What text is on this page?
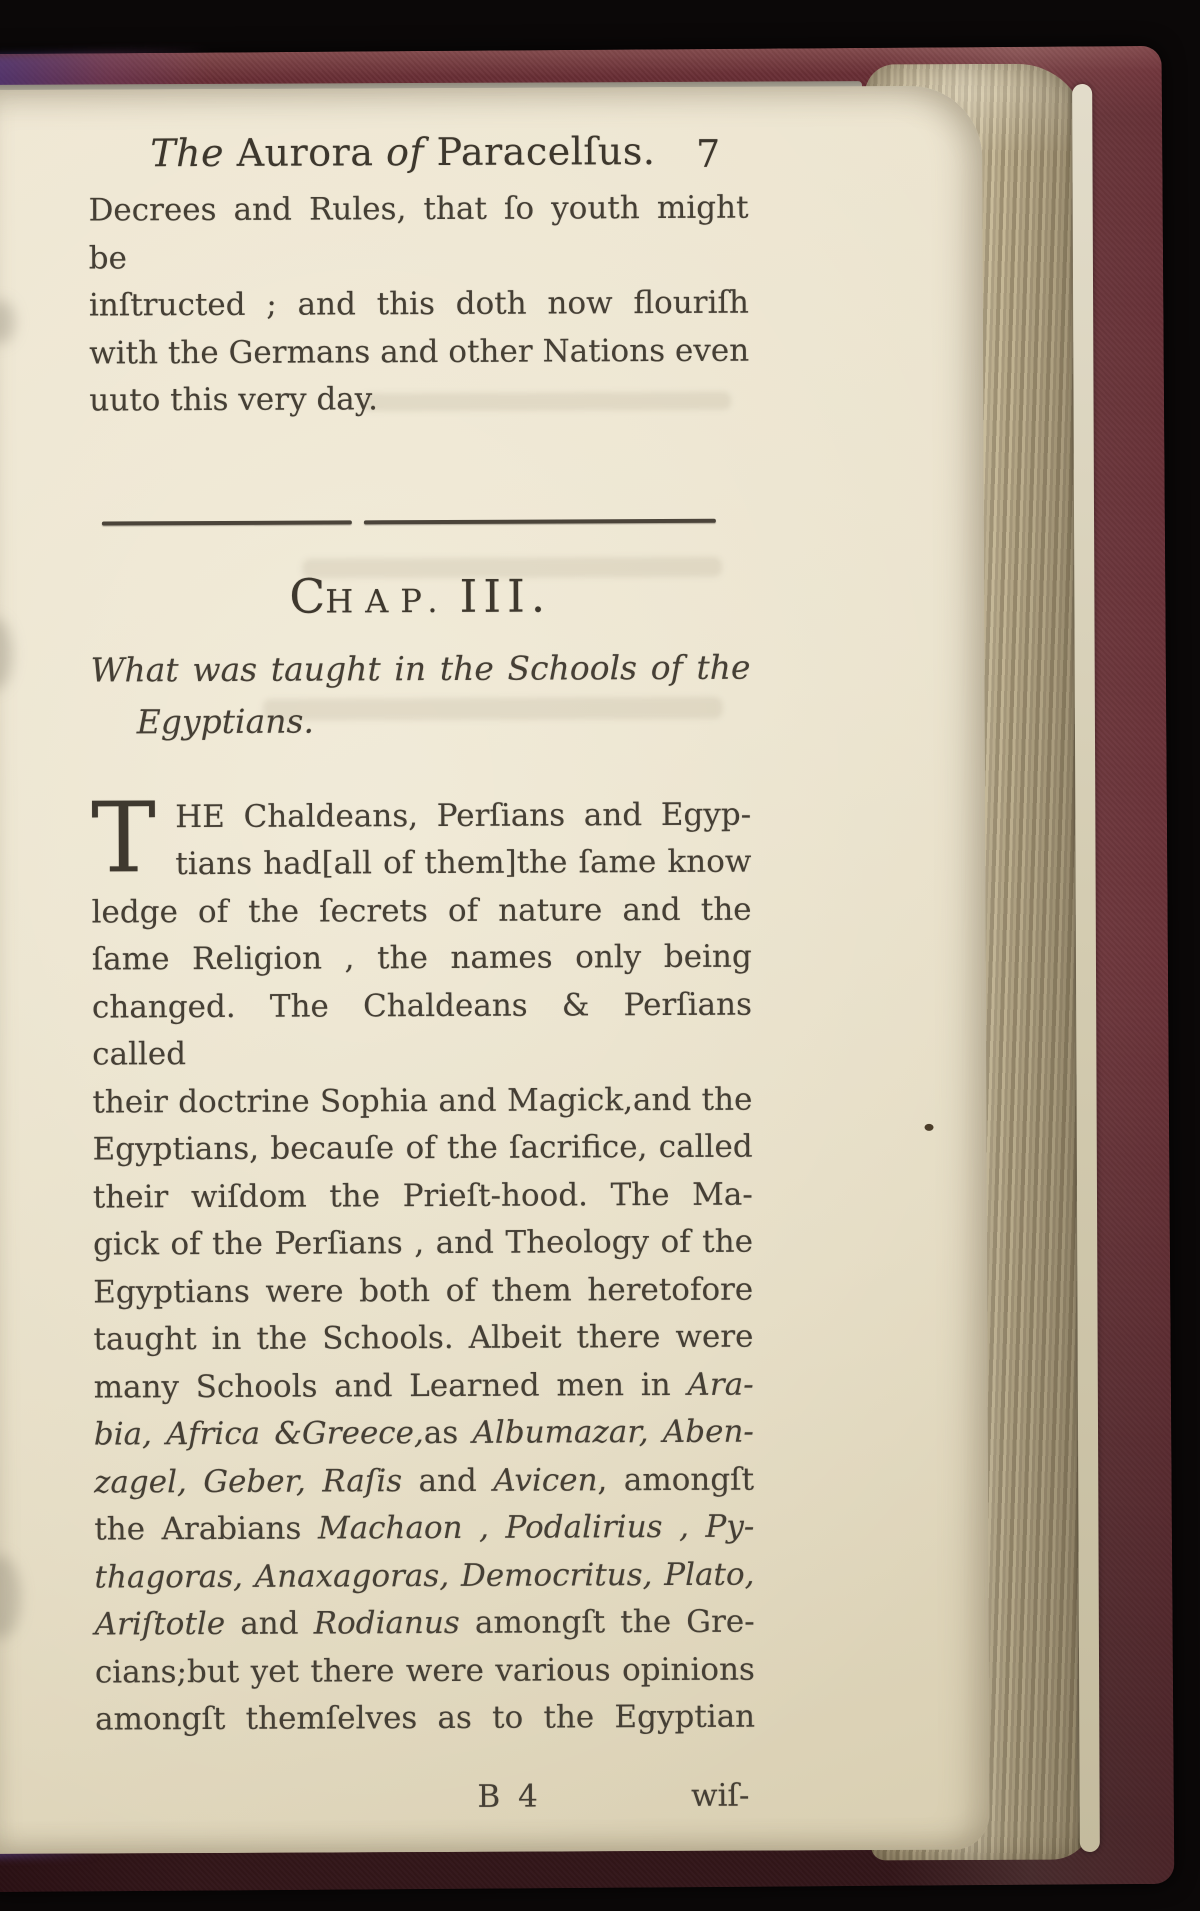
The Aurora of Paracelſus. 7
Decrees and Rules, that ſo youth might be
inſtructed ; and this doth now flouriſh
with the Germans and other Nations even
uuto this very day.
CHAP. III.
What was taught in the Schools of the
Egyptians.
T HE Chaldeans, Perſians and Egyp-
tians had[all of them]the ſame know
ledge of the ſecrets of nature and the
ſame Religion , the names only being
changed. The Chaldeans & Perſians called
their doctrine Sophia and Magick,and the
Egyptians, becauſe of the ſacrifice, called
their wiſdom the Prieſt-hood. The Ma-
gick of the Perſians , and Theology of the
Egyptians were both of them heretofore
taught in the Schools. Albeit there were
many Schools and Learned men in Ara-
bia, Africa &Greece,as Albumazar, Aben-
zagel, Geber, Raſis and Avicen, amongſt
the Arabians Machaon , Podalirius , Py-
thagoras, Anaxagoras, Democritus, Plato,
Ariſtotle and Rodianus amongſt the Gre-
cians;but yet there were various opinions
amongſt themſelves as to the Egyptian
B 4	wiſ-
